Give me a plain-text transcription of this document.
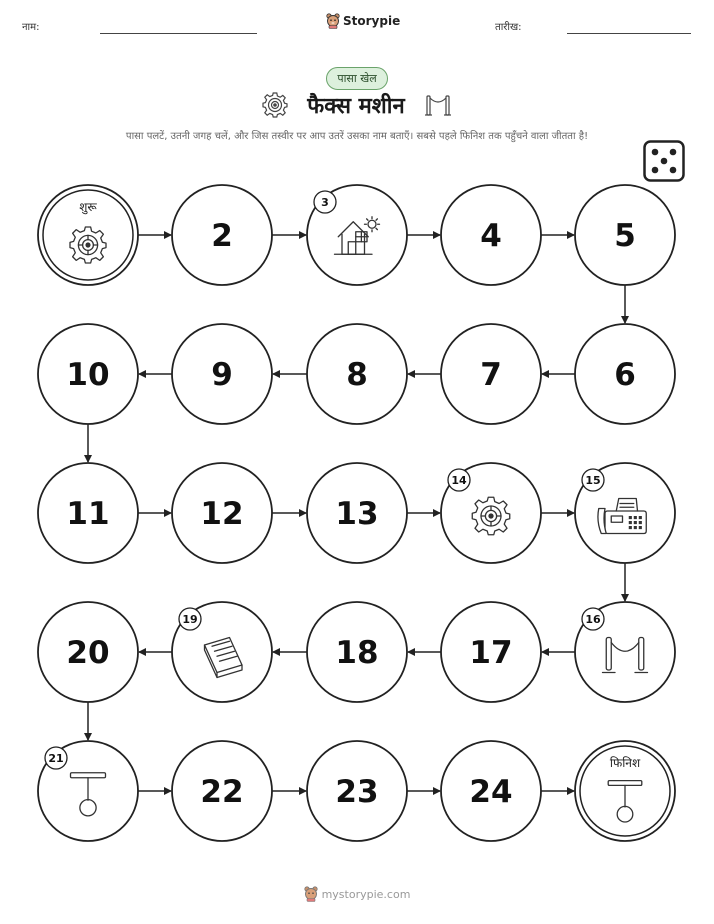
नाम:	तारीख:
Storypie
पासा खेल
फैक्स मशीन
पासा पलटें, उतनी जगह चलें, और जिस तस्वीर पर आप उतरें उसका नाम बताएँ। सबसे पहले फिनिश तक पहुँचने वाला जीतता है!
शुरू
2
3
4	5
6
7
8
9
10
11	12	13
14	15
16
17
18
19
20
21
22	23	24
फिनिश
mystorypie.com
